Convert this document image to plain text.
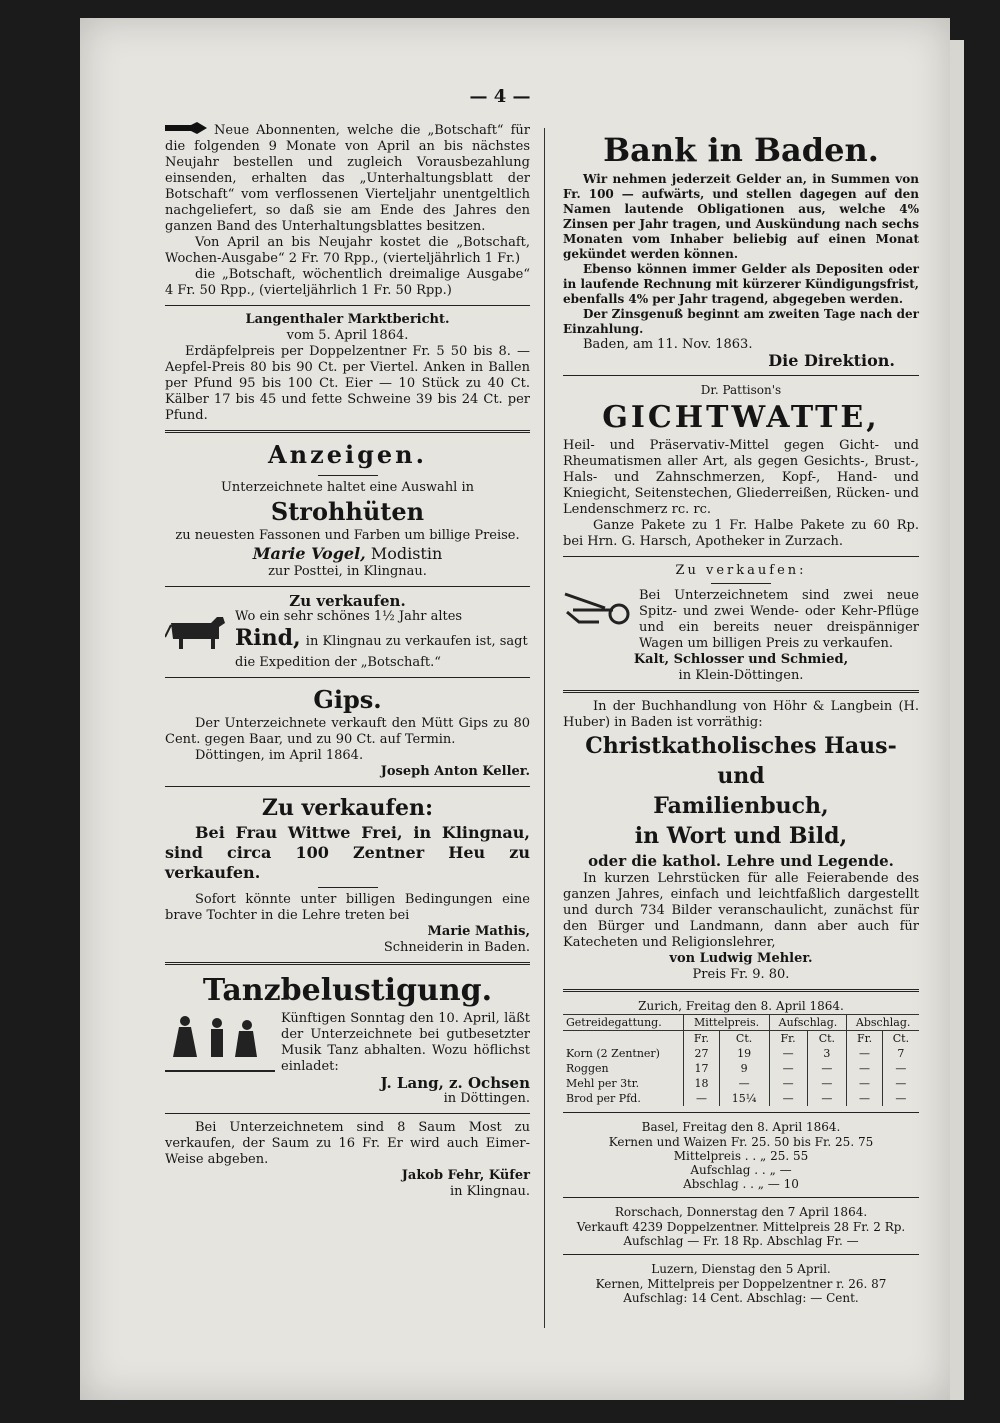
— 4 —

Neue Abonnenten, welche die „Botschaft“ für die folgenden 9 Monate von April an bis nächstes Neujahr bestellen und zugleich Vorausbezahlung einsenden, erhalten das „Unterhaltungsblatt der Botschaft“ vom verflossenen Vierteljahr unentgeltlich nachgeliefert, so daß sie am Ende des Jahres den ganzen Band des Unterhaltungsblattes besitzen.

Von April an bis Neujahr kostet die „Botschaft, Wochen-Ausgabe“ 2 Fr. 70 Rpp., (vierteljährlich 1 Fr.)

die „Botschaft, wöchentlich dreimalige Ausgabe“ 4 Fr. 50 Rpp., (vierteljährlich 1 Fr. 50 Rpp.)

Langenthaler Marktbericht.

vom 5. April 1864.

Erdäpfelpreis per Doppelzentner Fr. 5 50 bis 8. — Aepfel-Preis 80 bis 90 Ct. per Viertel. Anken in Ballen per Pfund 95 bis 100 Ct. Eier — 10 Stück zu 40 Ct. Kälber 17 bis 45 und fette Schweine 39 bis 24 Ct. per Pfund.

Anzeigen.

Unterzeichnete haltet eine Auswahl in

Strohhüten

zu neuesten Fassonen und Farben um billige Preise.

Marie Vogel, Modistin

zur Posttei, in Klingnau.

Zu verkaufen.

Wo ein sehr schönes 1½ Jahr altes

Rind,

in Klingnau zu verkaufen ist, sagt die Expedition der „Botschaft.“

Gips.

Der Unterzeichnete verkauft den Mütt Gips zu 80 Cent. gegen Baar, und zu 90 Ct. auf Termin.

Döttingen, im April 1864.

Joseph Anton Keller.

Zu verkaufen:

Bei Frau Wittwe Frei, in Klingnau, sind circa 100 Zentner Heu zu verkaufen.

Sofort könnte unter billigen Bedingungen eine brave Tochter in die Lehre treten bei

Marie Mathis,

Schneiderin in Baden.

Tanzbelustigung.

Künftigen Sonntag den 10. April, läßt der Unterzeichnete bei gutbesetzter Musik Tanz abhalten. Wozu höflichst einladet:

J. Lang, z. Ochsen

in Döttingen.

Bei Unterzeichnetem sind 8 Saum Most zu verkaufen, der Saum zu 16 Fr. Er wird auch Eimer-Weise abgeben.

Jakob Fehr, Küfer

in Klingnau.

Bank in Baden.

Wir nehmen jederzeit Gelder an, in Summen von Fr. 100 — aufwärts, und stellen dagegen auf den Namen lautende Obligationen aus, welche 4% Zinsen per Jahr tragen, und Auskündung nach sechs Monaten vom Inhaber beliebig auf einen Monat gekündet werden können.

Ebenso können immer Gelder als Depositen oder in laufende Rechnung mit kürzerer Kündigungsfrist, ebenfalls 4% per Jahr tragend, abgegeben werden.

Der Zinsgenuß beginnt am zweiten Tage nach der Einzahlung.

Baden, am 11. Nov. 1863.

Die Direktion.

Dr. Pattison's

GICHTWATTE,

Heil- und Präservativ-Mittel gegen Gicht- und Rheumatismen aller Art, als gegen Gesichts-, Brust-, Hals- und Zahnschmerzen, Kopf-, Hand- und Kniegicht, Seitenstechen, Gliederreißen, Rücken- und Lendenschmerz rc. rc.

Ganze Pakete zu 1 Fr. Halbe Pakete zu 60 Rp. bei Hrn. G. Harsch, Apotheker in Zurzach.

Zu verkaufen:

Bei Unterzeichnetem sind zwei neue Spitz- und zwei Wende- oder Kehr-Pflüge und ein bereits neuer dreispänniger Wagen um billigen Preis zu verkaufen.

Kalt, Schlosser und Schmied,

in Klein-Döttingen.

In der Buchhandlung von Höhr & Langbein (H. Huber) in Baden ist vorräthig:

Christkatholisches Haus- und

Familienbuch,

in Wort und Bild,

oder die kathol. Lehre und Legende.

In kurzen Lehrstücken für alle Feierabende des ganzen Jahres, einfach und leichtfaßlich dargestellt und durch 734 Bilder veranschaulicht, zunächst für den Bürger und Landmann, dann aber auch für Katecheten und Religionslehrer,

von Ludwig Mehler.

Preis Fr. 9. 80.

Zurich, Freitag den 8. April 1864.

Getreidegattung.	Mittelpreis.		Aufschlag.		Abschlag.	
	Fr.	Ct.	Fr.	Ct.	Fr.	Ct.
Korn (2 Zentner)	27	19	—	3	—	7
Roggen	17	9	—	—	—	—
Mehl per 3tr.	18	—	—	—	—	—
Brod per Pfd.	—	15¼	—	—	—	—

Basel, Freitag den 8. April 1864.

Kernen und Waizen Fr. 25. 50 bis Fr. 25. 75

Mittelpreis . . „ 25. 55

Aufschlag . . „ —

Abschlag . . „ — 10

Rorschach, Donnerstag den 7 April 1864.

Verkauft 4239 Doppelzentner. Mittelpreis 28 Fr. 2 Rp.

Aufschlag — Fr. 18 Rp. Abschlag Fr. —

Luzern, Dienstag den 5 April.

Kernen, Mittelpreis per Doppelzentner r. 26. 87

Aufschlag: 14 Cent. Abschlag: — Cent.
